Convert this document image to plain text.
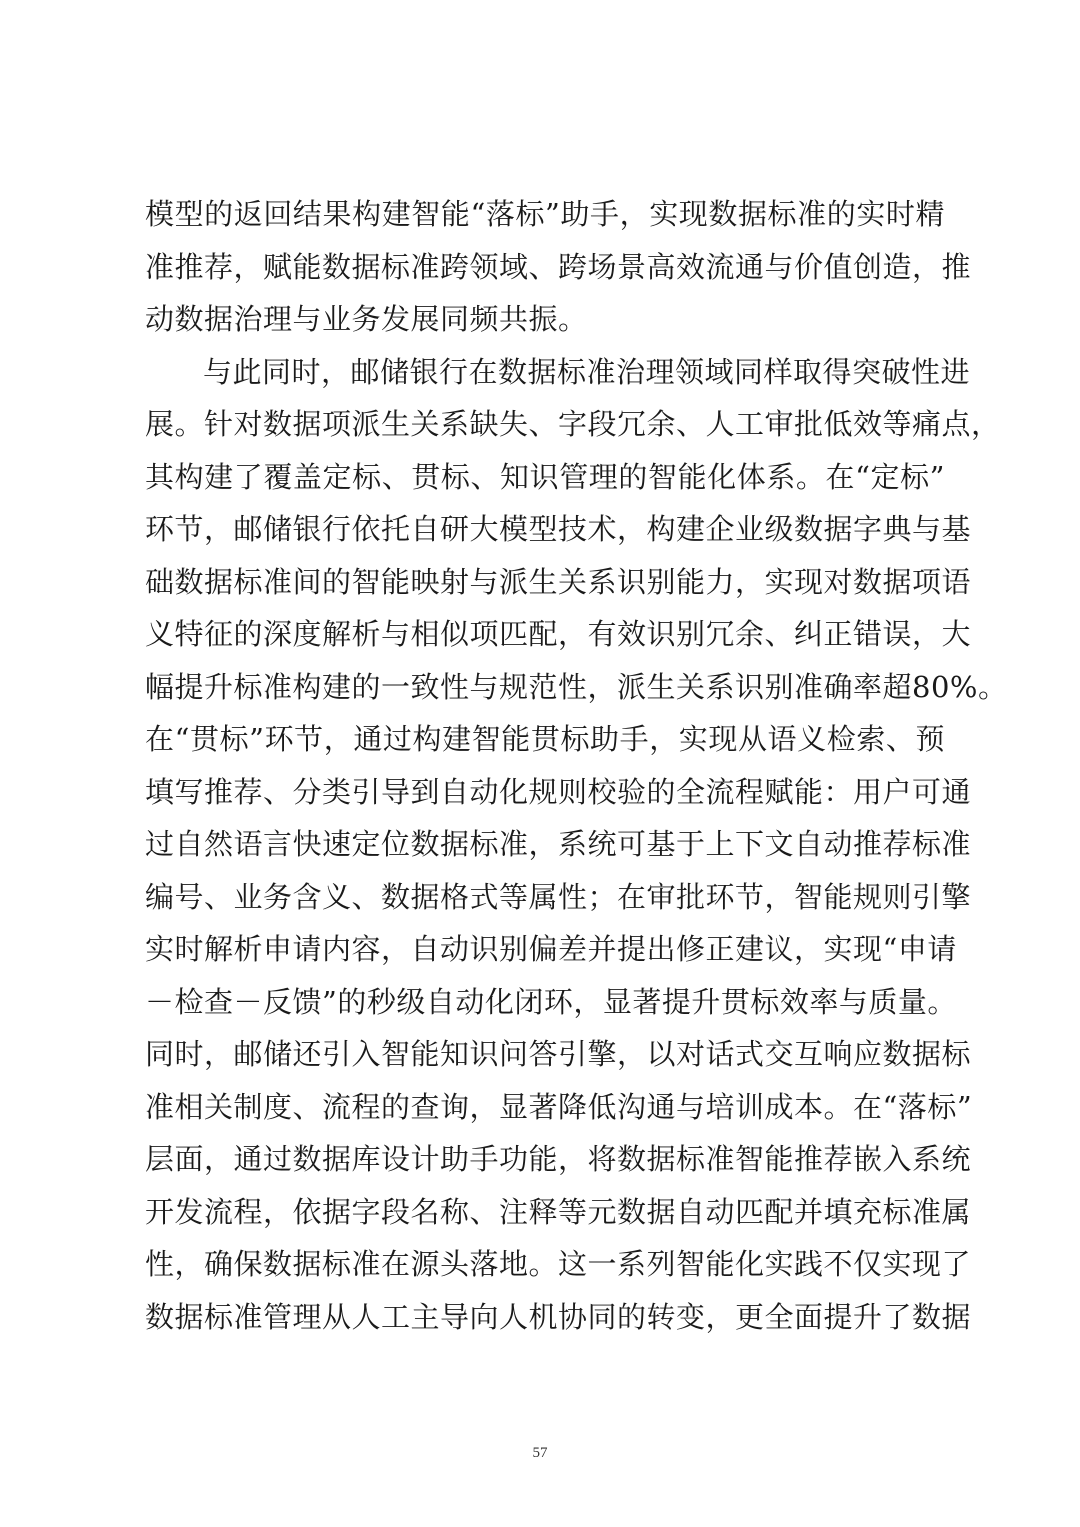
模型的返回结果构建智能“落标”助手，实现数据标准的实时精
准推荐，赋能数据标准跨领域、跨场景高效流通与价值创造，推
动数据治理与业务发展同频共振。
与此同时，邮储银行在数据标准治理领域同样取得突破性进
展。针对数据项派生关系缺失、字段冗余、人工审批低效等痛点，
其构建了覆盖定标、贯标、知识管理的智能化体系。在“定标”
环节，邮储银行依托自研大模型技术，构建企业级数据字典与基
础数据标准间的智能映射与派生关系识别能力，实现对数据项语
义特征的深度解析与相似项匹配，有效识别冗余、纠正错误，大
幅提升标准构建的一致性与规范性，派生关系识别准确率超80%。
在“贯标”环节，通过构建智能贯标助手，实现从语义检索、预
填写推荐、分类引导到自动化规则校验的全流程赋能：用户可通
过自然语言快速定位数据标准，系统可基于上下文自动推荐标准
编号、业务含义、数据格式等属性；在审批环节，智能规则引擎
实时解析申请内容，自动识别偏差并提出修正建议，实现“申请
－检查－反馈”的秒级自动化闭环，显著提升贯标效率与质量。
同时，邮储还引入智能知识问答引擎，以对话式交互响应数据标
准相关制度、流程的查询，显著降低沟通与培训成本。在“落标”
层面，通过数据库设计助手功能，将数据标准智能推荐嵌入系统
开发流程，依据字段名称、注释等元数据自动匹配并填充标准属
性，确保数据标准在源头落地。这一系列智能化实践不仅实现了
数据标准管理从人工主导向人机协同的转变，更全面提升了数据
57
